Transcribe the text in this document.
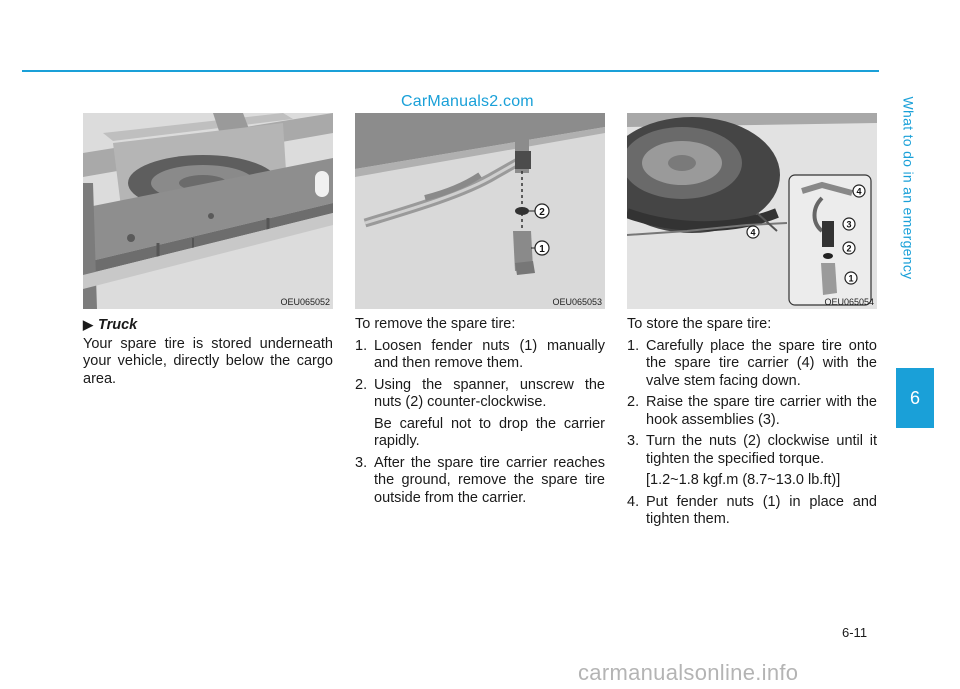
CarManuals2.com	What to do in an emergency
6
OEU065052
2
1
OEU065053
4
4
3
2
1
OEU065054

▶ Truck

Your spare tire is stored underneath your vehicle, directly below the cargo area.

To remove the spare tire:

1. Loosen fender nuts (1) manually and then remove them.

2. Using the spanner, unscrew the nuts (2) counter-clockwise.

Be careful not to drop the carrier rapidly.

3. After the spare tire carrier reaches the ground, remove the spare tire outside from the carrier.

To store the spare tire:

1. Carefully place the spare tire onto the spare tire carrier (4) with the valve stem facing down.

2. Raise the spare tire carrier with the hook assemblies (3).

3. Turn the nuts (2) clockwise until it tighten the specified torque.

[1.2~1.8 kgf.m (8.7~13.0 lb.ft)]

4. Put fender nuts (1) in place and tighten them.

6-11
carmanualsonline.info
